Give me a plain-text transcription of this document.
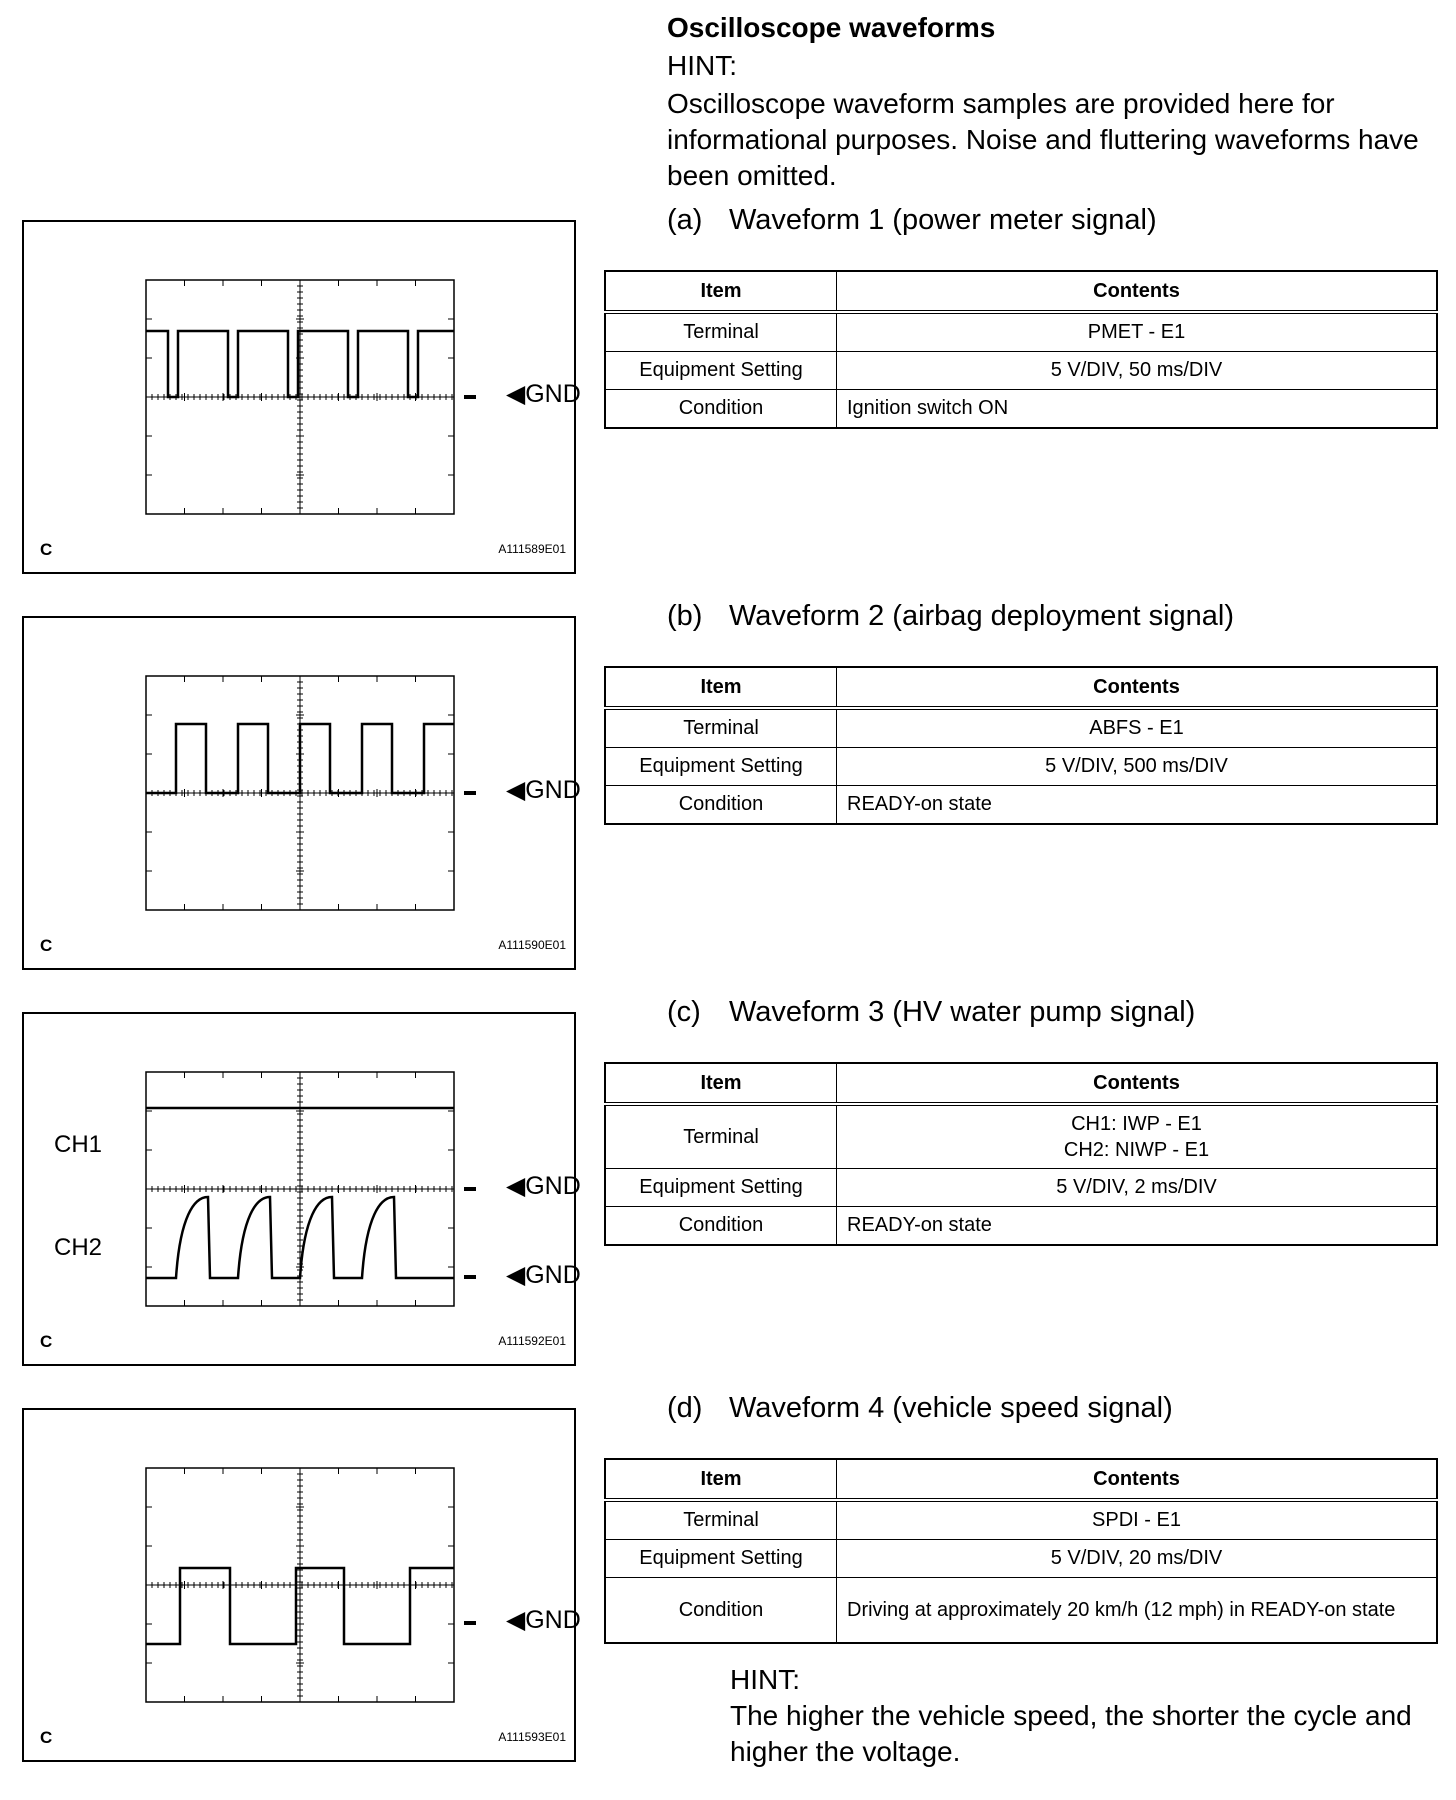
Oscilloscope waveforms
HINT:
Oscilloscope waveform samples are provided here for informational purposes. Noise and fluttering waveforms have been omitted.
(a) Waveform 1 (power meter signal)
◀GND
C	A111589E01
Item	Contents
Terminal	PMET - E1
Equipment Setting	5 V/DIV, 50 ms/DIV
Condition	Ignition switch ON
(b) Waveform 2 (airbag deployment signal)
◀GND
C	A111590E01
Item	Contents
Terminal	ABFS - E1
Equipment Setting	5 V/DIV, 500 ms/DIV
Condition	READY-on state
(c) Waveform 3 (HV water pump signal)
CH1
CH2
◀GND
◀GND
C	A111592E01
Item	Contents
Terminal	CH1: IWP - E1
CH2: NIWP - E1

Equipment Setting	5 V/DIV, 2 ms/DIV
Condition	READY-on state
(d) Waveform 4 (vehicle speed signal)
◀GND
C	A111593E01
Item	Contents
Terminal	SPDI - E1
Equipment Setting	5 V/DIV, 20 ms/DIV
Condition	Driving at approximately 20 km/h (12 mph) in READY-on state
HINT:
The higher the vehicle speed, the shorter the cycle and higher the voltage.
